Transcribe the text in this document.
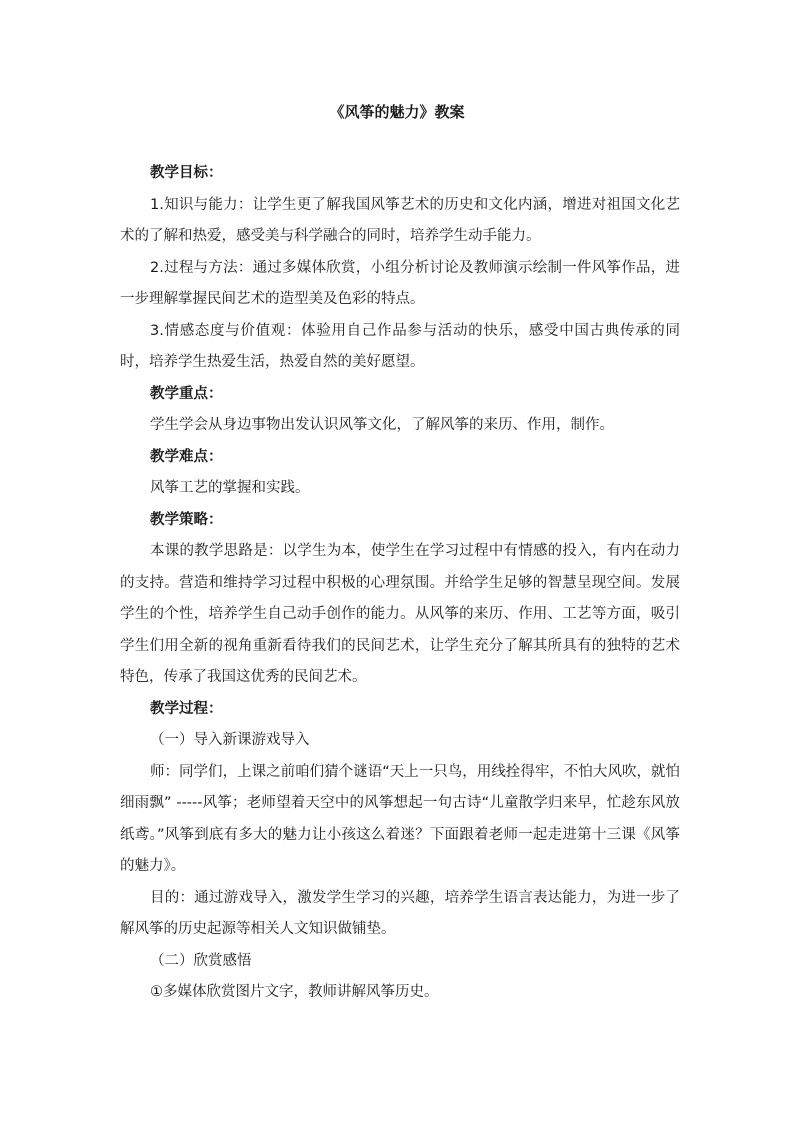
《风筝的魅力》教案

教学目标：

1.知识与能力：让学生更了解我国风筝艺术的历史和文化内涵，增进对祖国文化艺术的了解和热爱，感受美与科学融合的同时，培养学生动手能力。

2.过程与方法：通过多媒体欣赏，小组分析讨论及教师演示绘制一件风筝作品，进一步理解掌握民间艺术的造型美及色彩的特点。

3.情感态度与价值观：体验用自己作品参与活动的快乐，感受中国古典传承的同时，培养学生热爱生活，热爱自然的美好愿望。

教学重点：

学生学会从身边事物出发认识风筝文化，了解风筝的来历、作用，制作。

教学难点：

风筝工艺的掌握和实践。

教学策略：

本课的教学思路是：以学生为本，使学生在学习过程中有情感的投入，有内在动力的支持。营造和维持学习过程中积极的心理氛围。并给学生足够的智慧呈现空间。发展学生的个性，培养学生自己动手创作的能力。从风筝的来历、作用、工艺等方面，吸引学生们用全新的视角重新看待我们的民间艺术，让学生充分了解其所具有的独特的艺术特色，传承了我国这优秀的民间艺术。

教学过程：

（一）导入新课游戏导入

师：同学们，上课之前咱们猜个谜语“天上一只鸟，用线拴得牢，不怕大风吹，就怕细雨飘” -----风筝；老师望着天空中的风筝想起一句古诗“儿童散学归来早，忙趁东风放纸鸢。”风筝到底有多大的魅力让小孩这么着迷？下面跟着老师一起走进第十三课《风筝的魅力》。

目的：通过游戏导入，激发学生学习的兴趣，培养学生语言表达能力，为进一步了解风筝的历史起源等相关人文知识做铺垫。

（二）欣赏感悟

①多媒体欣赏图片文字，教师讲解风筝历史。
